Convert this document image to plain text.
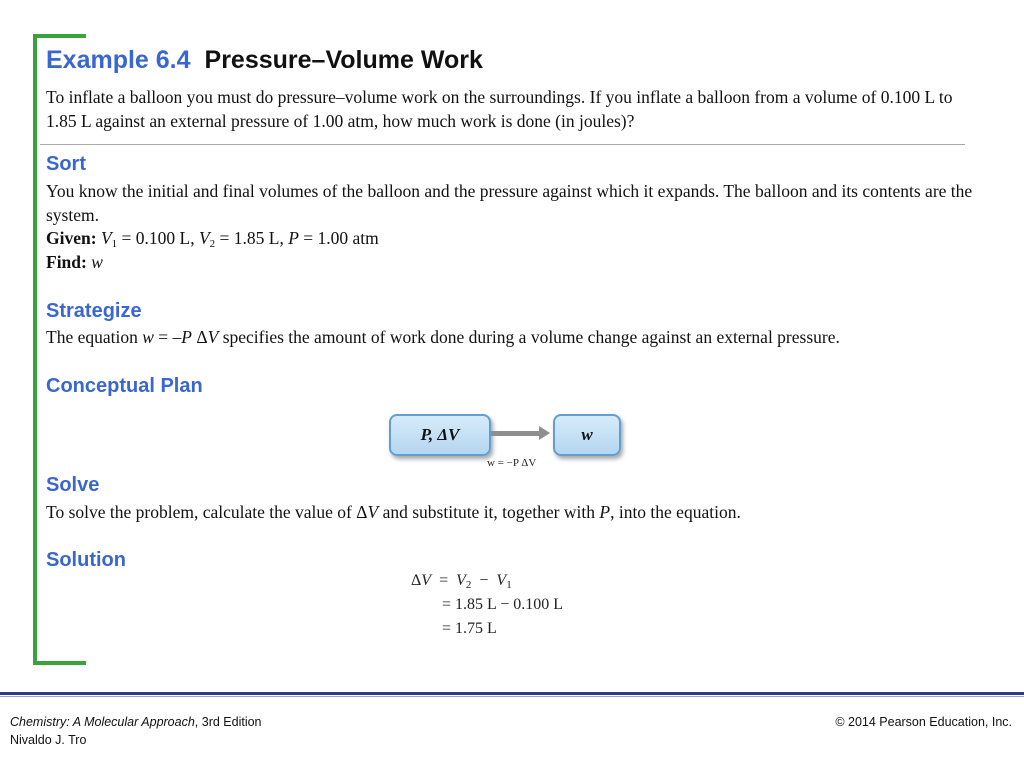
Example 6.4 Pressure–Volume Work
To inflate a balloon you must do pressure–volume work on the surroundings. If you inflate a balloon from a volume of 0.100 L to 1.85 L against an external pressure of 1.00 atm, how much work is done (in joules)?
Sort
You know the initial and final volumes of the balloon and the pressure against which it expands. The balloon and its contents are the system.
Given: $V_1 = 0.100$ L, $V_2 = 1.85$ L, P = 1.00 atm
Find: w
Strategize
The equation w = –P ΔV specifies the amount of work done during a volume change against an external pressure.
Conceptual Plan
P, ΔV	w
w = −P ΔV
Solve
To solve the problem, calculate the value of ΔV and substitute it, together with P, into the equation.
Solution
$\Delta V = V_2 - V_1$
= 1.85 L − 0.100 L
= 1.75 L
Chemistry: A Molecular Approach, 3rd Edition
Nivaldo J. Tro
© 2014 Pearson Education, Inc.
